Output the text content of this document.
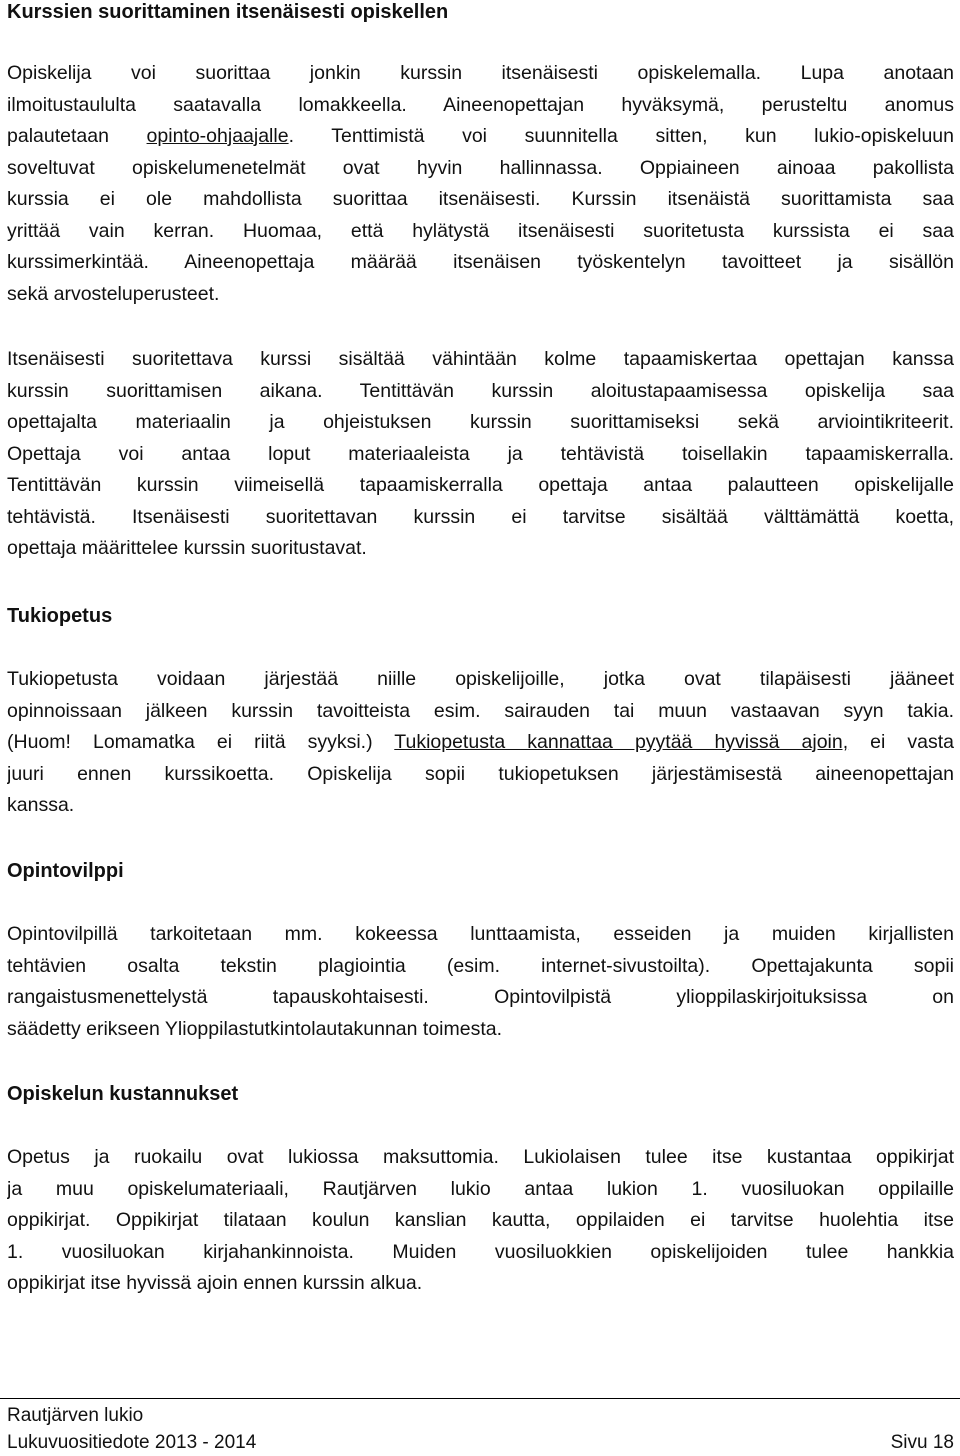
Kurssien suorittaminen itsenäisesti opiskellen
Opiskelija voi suorittaa jonkin kurssin itsenäisesti opiskelemalla. Lupa anotaan
ilmoitustaululta saatavalla lomakkeella. Aineenopettajan hyväksymä, perusteltu anomus
palautetaan opinto-ohjaajalle. Tenttimistä voi suunnitella sitten, kun lukio-opiskeluun
soveltuvat opiskelumenetelmät ovat hyvin hallinnassa. Oppiaineen ainoaa pakollista
kurssia ei ole mahdollista suorittaa itsenäisesti. Kurssin itsenäistä suorittamista saa
yrittää vain kerran. Huomaa, että hylätystä itsenäisesti suoritetusta kurssista ei saa
kurssimerkintää. Aineenopettaja määrää itsenäisen työskentelyn tavoitteet ja sisällön
sekä arvosteluperusteet.
Itsenäisesti suoritettava kurssi sisältää vähintään kolme tapaamiskertaa opettajan kanssa
kurssin suorittamisen aikana. Tentittävän kurssin aloitustapaamisessa opiskelija saa
opettajalta materiaalin ja ohjeistuksen kurssin suorittamiseksi sekä arviointikriteerit.
Opettaja voi antaa loput materiaaleista ja tehtävistä toisellakin tapaamiskerralla.
Tentittävän kurssin viimeisellä tapaamiskerralla opettaja antaa palautteen opiskelijalle
tehtävistä. Itsenäisesti suoritettavan kurssin ei tarvitse sisältää välttämättä koetta,
opettaja määrittelee kurssin suoritustavat.
Tukiopetus
Tukiopetusta voidaan järjestää niille opiskelijoille, jotka ovat tilapäisesti jääneet
opinnoissaan jälkeen kurssin tavoitteista esim. sairauden tai muun vastaavan syyn takia.
(Huom! Lomamatka ei riitä syyksi.) Tukiopetusta kannattaa pyytää hyvissä ajoin, ei vasta
juuri ennen kurssikoetta. Opiskelija sopii tukiopetuksen järjestämisestä aineenopettajan
kanssa.
Opintovilppi
Opintovilpillä tarkoitetaan mm. kokeessa lunttaamista, esseiden ja muiden kirjallisten
tehtävien osalta tekstin plagiointia (esim. internet-sivustoilta). Opettajakunta sopii
rangaistusmenettelystä tapauskohtaisesti. Opintovilpistä ylioppilaskirjoituksissa on
säädetty erikseen Ylioppilastutkintolautakunnan toimesta.
Opiskelun kustannukset
Opetus ja ruokailu ovat lukiossa maksuttomia. Lukiolaisen tulee itse kustantaa oppikirjat
ja muu opiskelumateriaali, Rautjärven lukio antaa lukion 1. vuosiluokan oppilaille
oppikirjat. Oppikirjat tilataan koulun kanslian kautta, oppilaiden ei tarvitse huolehtia itse
1. vuosiluokan kirjahankinnoista. Muiden vuosiluokkien opiskelijoiden tulee hankkia
oppikirjat itse hyvissä ajoin ennen kurssin alkua.
Rautjärven lukio
Lukuvuositiedote 2013 - 2014	Sivu 18
